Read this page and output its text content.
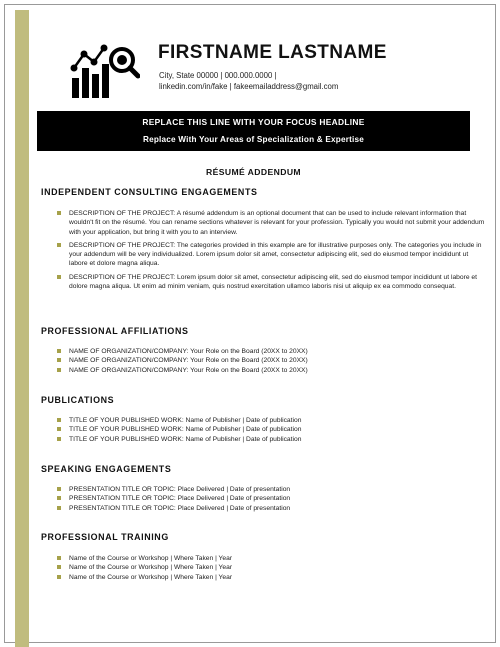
FIRSTNAME LASTNAME
City, State 00000 | 000.000.0000 |
linkedin.com/in/fake | fakeemailaddress@gmail.com
REPLACE THIS LINE WITH YOUR FOCUS HEADLINE
Replace With Your Areas of Specialization & Expertise
RÉSUMÉ ADDENDUM
INDEPENDENT CONSULTING ENGAGEMENTS
DESCRIPTION OF THE PROJECT: A résumé addendum is an optional document that can be used to include relevant information that wouldn't fit on the résumé. You can rename sections whatever is relevant for your profession. Typically you would not submit your addendum with your application, but bring it with you to an interview.
DESCRIPTION OF THE PROJECT: The categories provided in this example are for illustrative purposes only. The categories you include in your addendum will be very individualized. Lorem ipsum dolor sit amet, consectetur adipiscing elit, sed do eiusmod tempor incididunt ut labore et dolore magna aliqua.
DESCRIPTION OF THE PROJECT: Lorem ipsum dolor sit amet, consectetur adipiscing elit, sed do eiusmod tempor incididunt ut labore et dolore magna aliqua. Ut enim ad minim veniam, quis nostrud exercitation ullamco laboris nisi ut aliquip ex ea commodo consequat.
PROFESSIONAL AFFILIATIONS
NAME OF ORGANIZATION/COMPANY: Your Role on the Board (20XX to 20XX)
NAME OF ORGANIZATION/COMPANY: Your Role on the Board (20XX to 20XX)
NAME OF ORGANIZATION/COMPANY: Your Role on the Board (20XX to 20XX)
PUBLICATIONS
TITLE OF YOUR PUBLISHED WORK: Name of Publisher | Date of publication
TITLE OF YOUR PUBLISHED WORK: Name of Publisher | Date of publication
TITLE OF YOUR PUBLISHED WORK: Name of Publisher | Date of publication
SPEAKING ENGAGEMENTS
PRESENTATION TITLE OR TOPIC: Place Delivered | Date of presentation
PRESENTATION TITLE OR TOPIC: Place Delivered | Date of presentation
PRESENTATION TITLE OR TOPIC: Place Delivered | Date of presentation
PROFESSIONAL TRAINING
Name of the Course or Workshop | Where Taken | Year
Name of the Course or Workshop | Where Taken | Year
Name of the Course or Workshop | Where Taken | Year
